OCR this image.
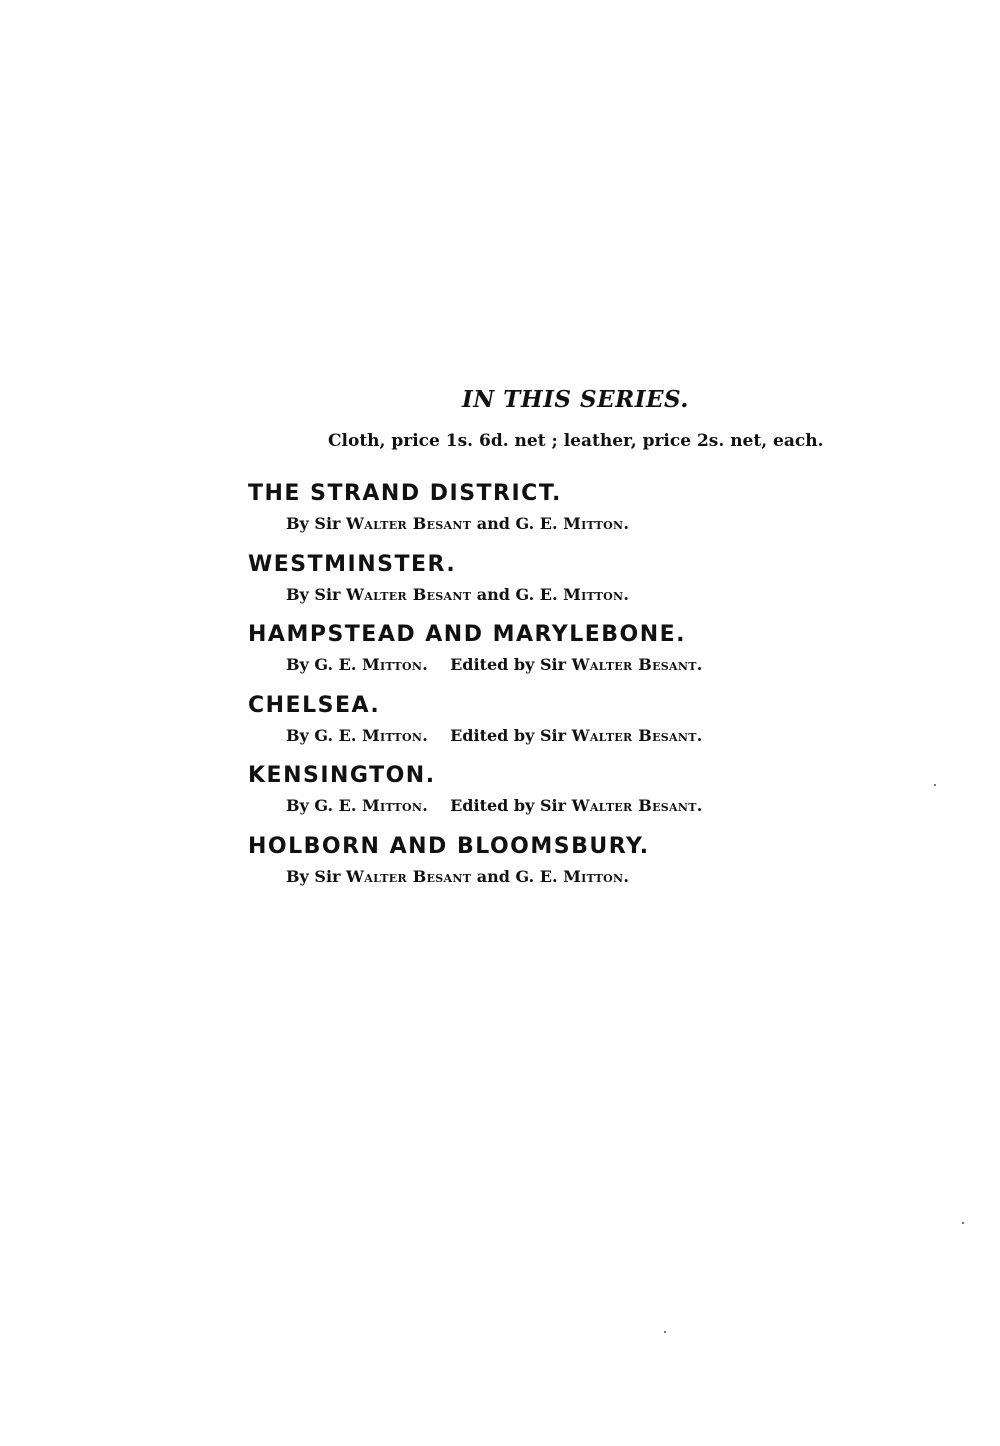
IN THIS SERIES.
Cloth, price 1s. 6d. net ; leather, price 2s. net, each.
THE STRAND DISTRICT.
By Sir Walter Besant and G. E. Mitton.
WESTMINSTER.
By Sir Walter Besant and G. E. Mitton.
HAMPSTEAD AND MARYLEBONE.
By G. E. Mitton.    Edited by Sir Walter Besant.
CHELSEA.
By G. E. Mitton.    Edited by Sir Walter Besant.
KENSINGTON.
By G. E. Mitton.    Edited by Sir Walter Besant.
HOLBORN AND BLOOMSBURY.
By Sir Walter Besant and G. E. Mitton.
